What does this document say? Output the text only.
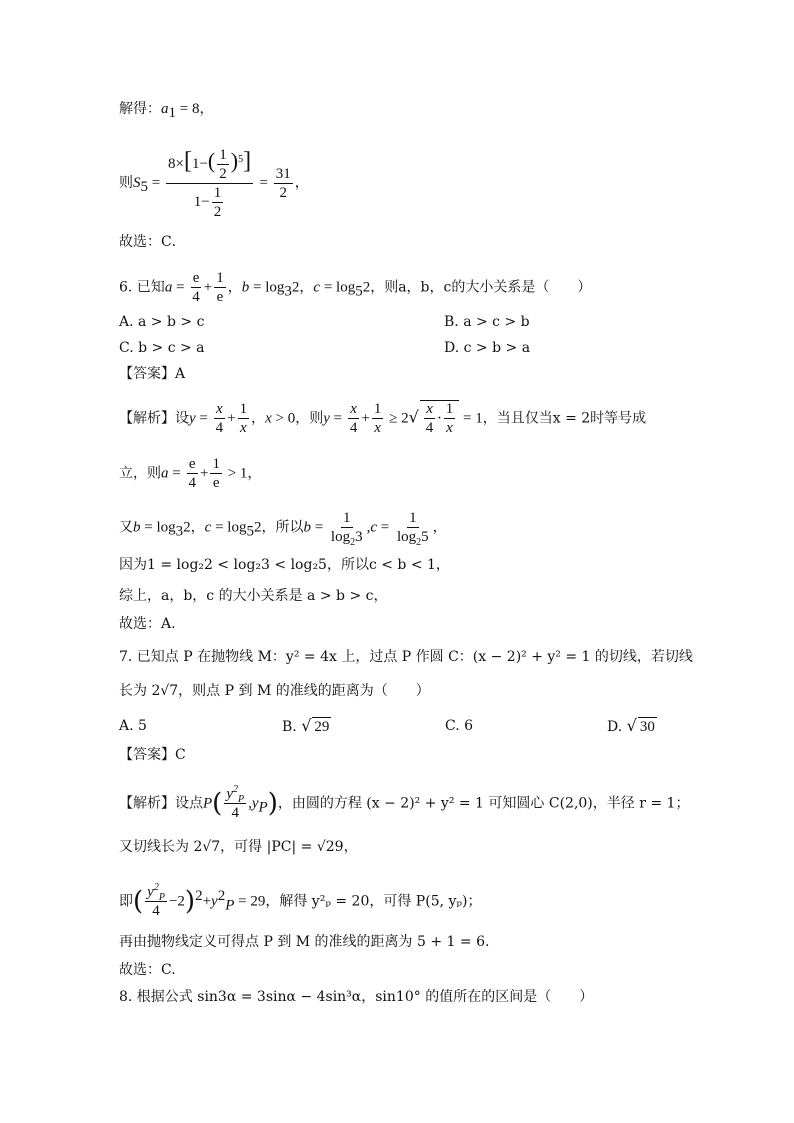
解得：$a_1 = 8$，
则$S_5 = \frac{8\times[1-( \frac{1}{2} )^5]}{1- \frac{1}{2}} = \frac{31}{2}$ ，
故选：C．
6. 已知$a = \frac{e}{4} + \frac{1}{e}$ ，$b = \log_32$，$c = \log_52$，则a，b，c的大小关系是（　　）
A. a > b > c	B. a > c > b
C. b > c > a	D. c > b > a
【答案】A
【解析】设$y = \frac{x}{4} + \frac{1}{x}$ ，x > 0，则$y = \frac{x}{4} + \frac{1}{x} \ge 2√ \frac{x}{4} \cdot \frac{1}{x} = 1$，当且仅当x = 2时等号成
立，则$a = \frac{e}{4} + \frac{1}{e} > 1$，
又$b = \log_32$，$c = \log_52$，所以$b = \frac{1}{\log_23} ,c = \frac{1}{\log_25}$ ，
因为1 = log₂2 < log₂3 < log₂5，所以c < b < 1，
综上，a，b，c 的大小关系是 a > b > c，
故选：A.
7. 已知点 P 在抛物线 M：y² = 4x 上，过点 P 作圆 C：(x − 2)² + y² = 1 的切线，若切线
长为 2√7，则点 P 到 M 的准线的距离为（　　）
A. 5	B. √ 29	C. 6	D. √ 30
【答案】C
【解析】设点$P( \frac{y^2_P}{4} ,y_P)$，由圆的方程 (x − 2)² + y² = 1 可知圆心 C(2,0)，半径 r = 1；
又切线长为 2√7，可得 |PC| = √29，
即( $\frac{y^2_P}{4} -2)^2+y^2_P = 29$，解得 y²ₚ = 20，可得 P(5, yₚ)；
再由抛物线定义可得点 P 到 M 的准线的距离为 5 + 1 = 6.
故选：C.
8. 根据公式 sin3α = 3sinα − 4sin³α，sin10° 的值所在的区间是（　　）
